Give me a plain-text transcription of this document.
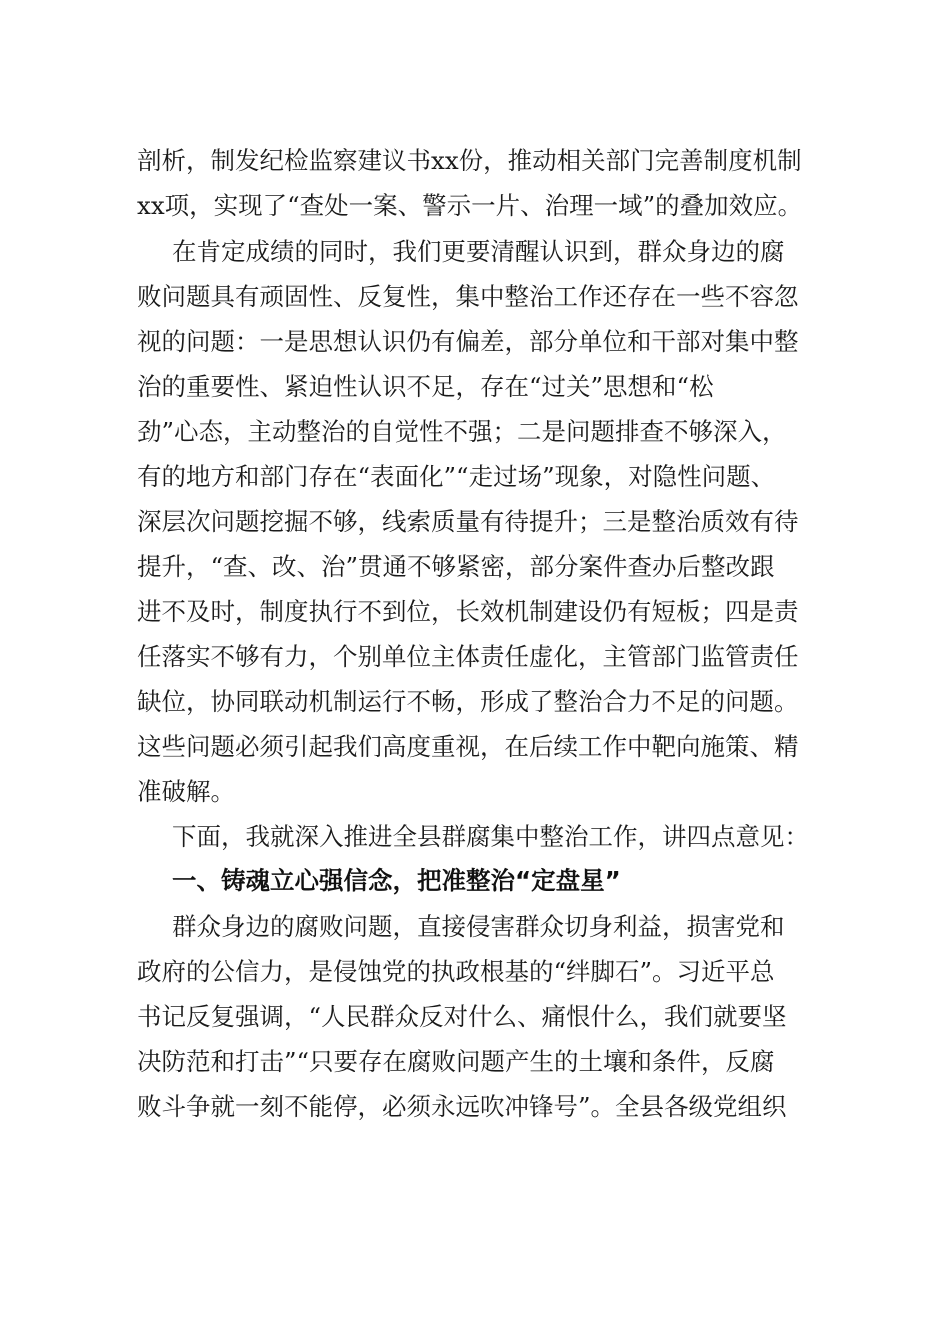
剖析，制发纪检监察建议书xx份，推动相关部门完善制度机制
xx项，实现了“查处一案、警示一片、治理一域”的叠加效应。
在肯定成绩的同时，我们更要清醒认识到，群众身边的腐
败问题具有顽固性、反复性，集中整治工作还存在一些不容忽
视的问题：一是思想认识仍有偏差，部分单位和干部对集中整
治的重要性、紧迫性认识不足，存在“过关”思想和“松
劲”心态，主动整治的自觉性不强；二是问题排查不够深入，
有的地方和部门存在“表面化”“走过场”现象，对隐性问题、
深层次问题挖掘不够，线索质量有待提升；三是整治质效有待
提升，“查、改、治”贯通不够紧密，部分案件查办后整改跟
进不及时，制度执行不到位，长效机制建设仍有短板；四是责
任落实不够有力，个别单位主体责任虚化，主管部门监管责任
缺位，协同联动机制运行不畅，形成了整治合力不足的问题。
这些问题必须引起我们高度重视，在后续工作中靶向施策、精
准破解。
下面，我就深入推进全县群腐集中整治工作，讲四点意见：
一、铸魂立心强信念，把准整治“定盘星”
群众身边的腐败问题，直接侵害群众切身利益，损害党和
政府的公信力，是侵蚀党的执政根基的“绊脚石”。习近平总
书记反复强调，“人民群众反对什么、痛恨什么，我们就要坚
决防范和打击”“只要存在腐败问题产生的土壤和条件，反腐
败斗争就一刻不能停，必须永远吹冲锋号”。全县各级党组织
